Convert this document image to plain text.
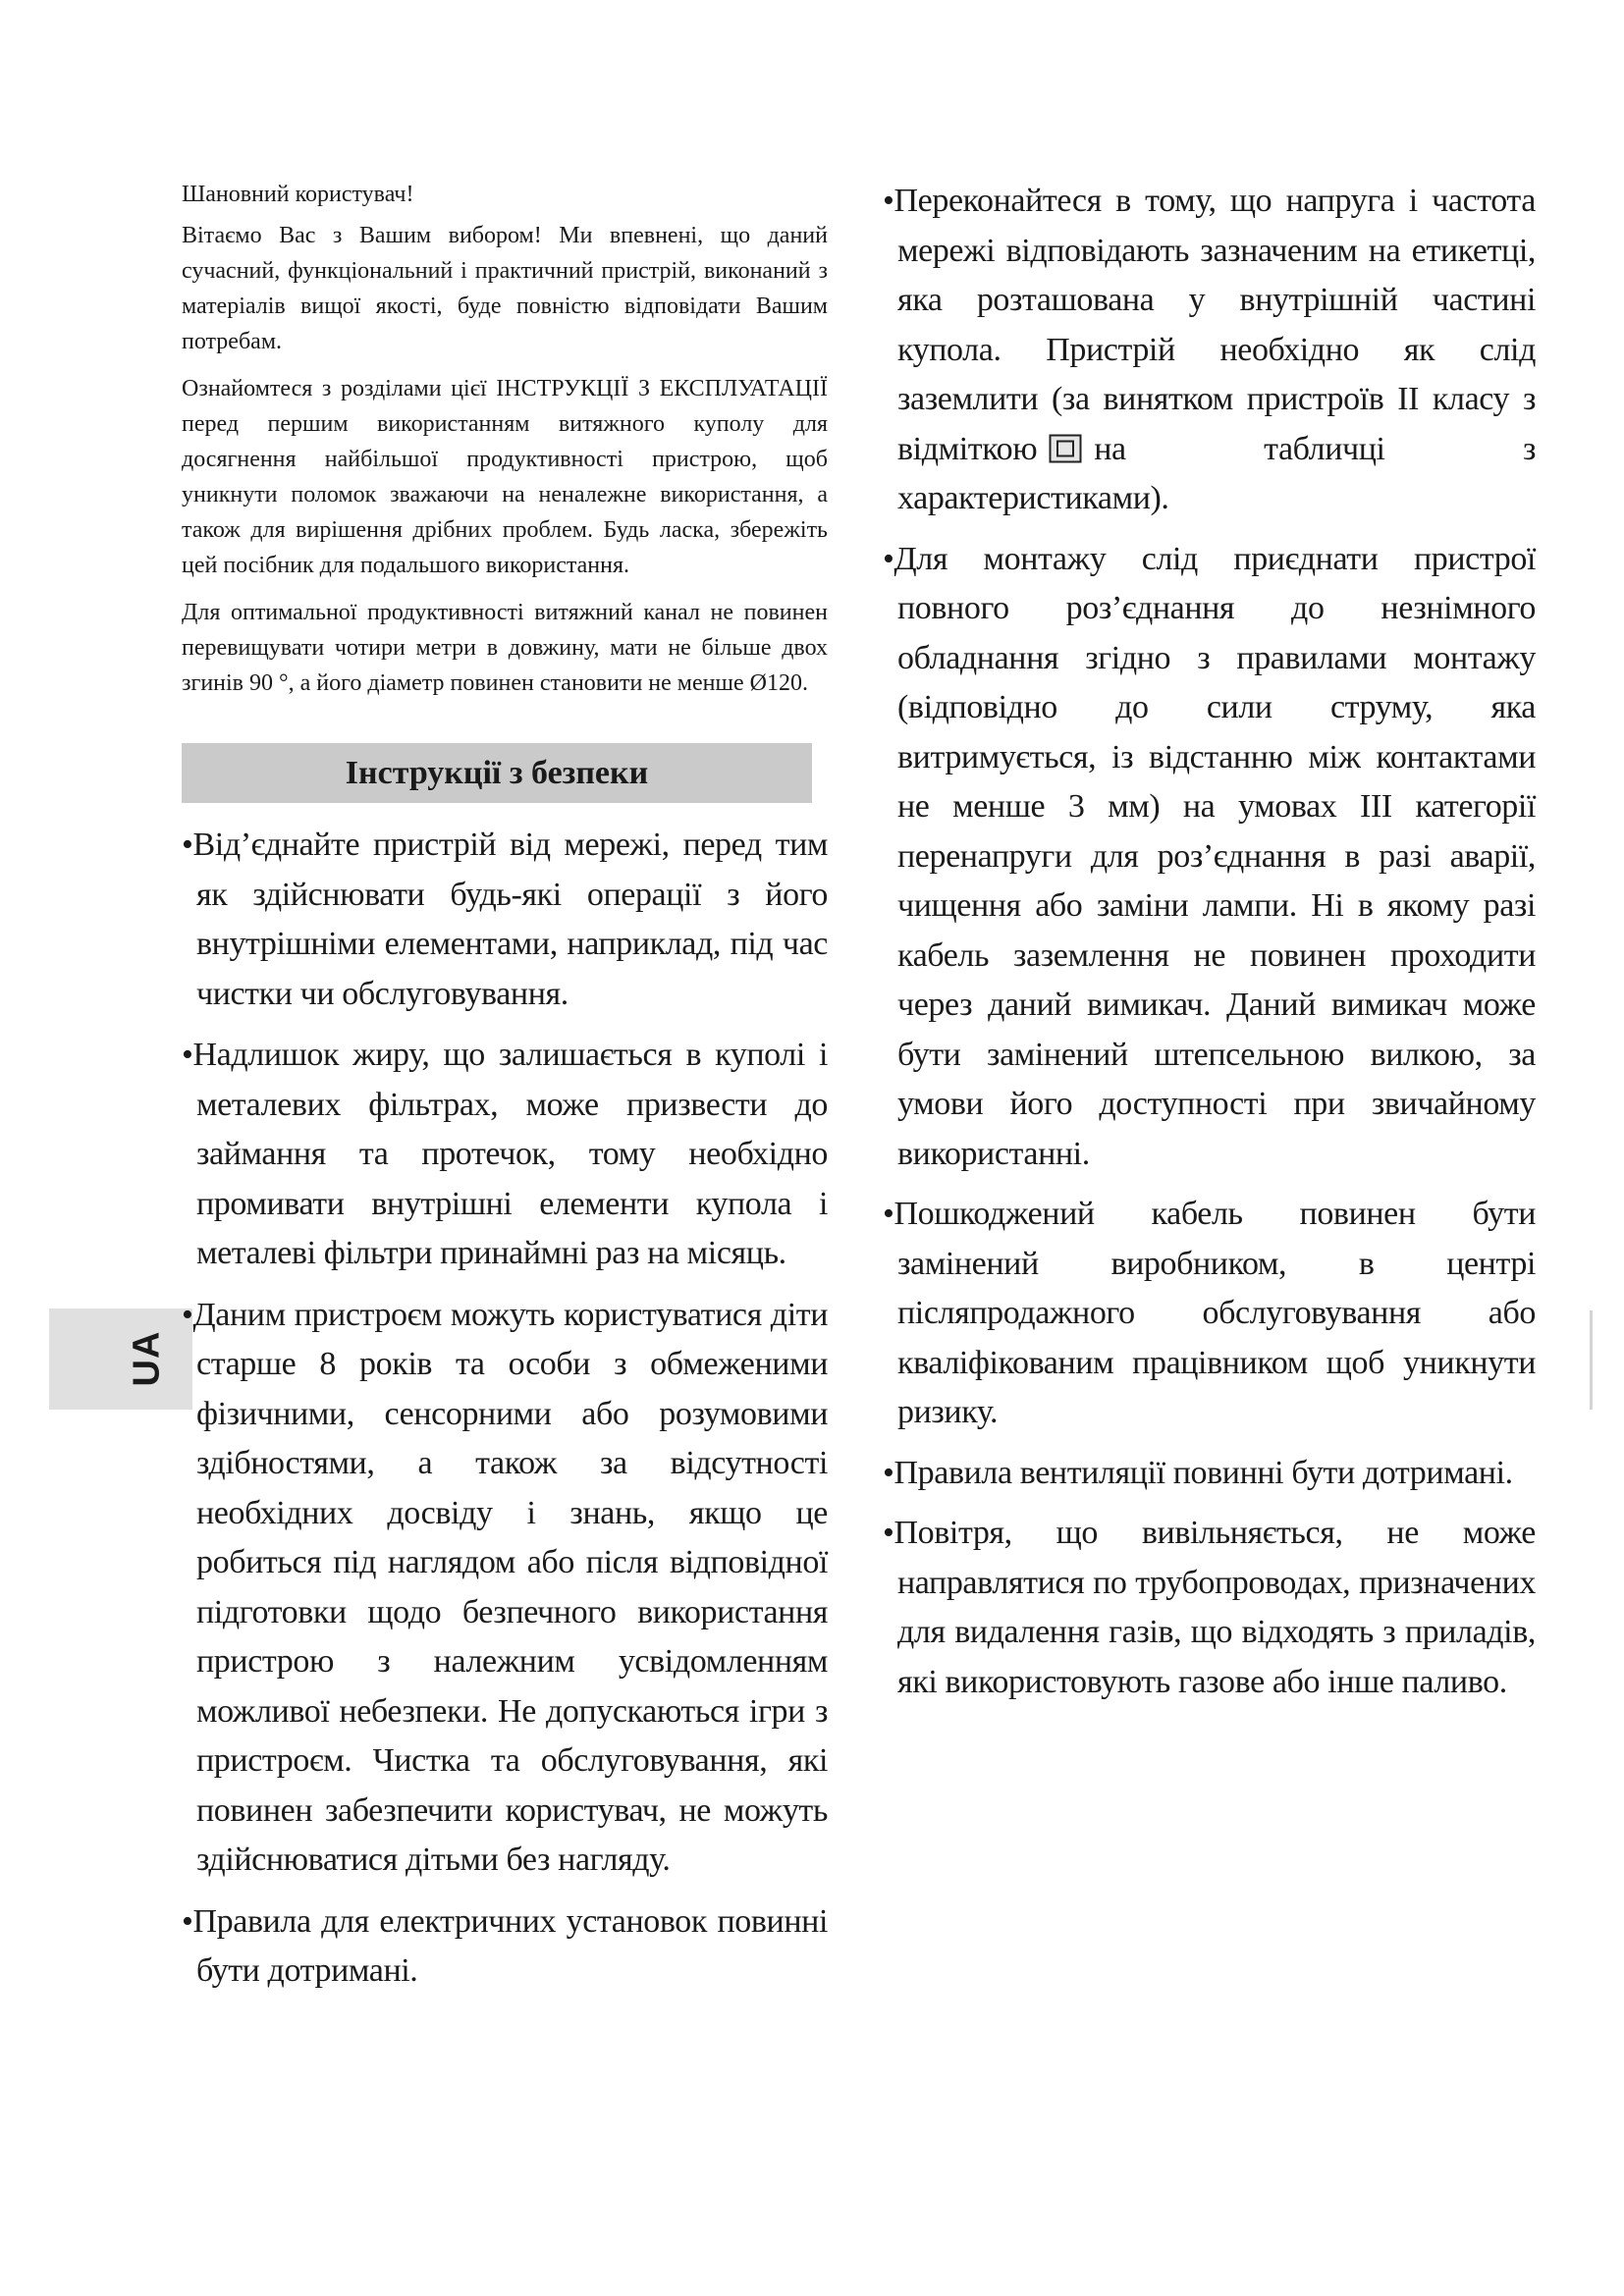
UA

Шановний користувач!

Вітаємо Вас з Вашим вибором! Ми впевнені, що даний сучасний, функціональний і практичний пристрій, виконаний з матеріалів вищої якості, буде повністю відповідати Вашим потребам.

Ознайомтеся з розділами цієї ІНСТРУКЦІЇ З ЕКСПЛУАТАЦІЇ перед першим використанням витяжного куполу для досягнення найбільшої продуктивності пристрою, щоб уникнути поломок зважаючи на неналежне використання, а також для вирішення дрібних проблем. Будь ласка, збережіть цей посібник для подальшого використання.

Для оптимальної продуктивності витяжний канал не повинен перевищувати чотири метри в довжину, мати не більше двох згинів 90 °, а його діаметр повинен становити не менше Ø120.

Інструкції з безпеки

•Від’єднайте пристрій від мережі, перед тим як здійснювати будь-які операції з його внутрішніми елементами, наприклад, під час чистки чи обслуговування.

•Надлишок жиру, що залишається в куполі і металевих фільтрах, може призвести до займання та протечок, тому необхідно промивати внутрішні елементи купола і металеві фільтри принаймні раз на місяць.

•Даним пристроєм можуть користуватися діти старше 8 років та особи з обмеженими фізичними, сенсорними або розумовими здібностями, а також за відсутності необхідних досвіду і знань, якщо це робиться під наглядом або після відповідної підготовки щодо безпечного використання пристрою з належним усвідомленням можливої небезпеки. Не допускаються ігри з пристроєм. Чистка та обслуговування, які повинен забезпечити користувач, не можуть здійснюватися дітьми без нагляду.

•Правила для електричних установок повинні бути дотримані.

•Переконайтеся в тому, що напруга і частота мережі відповідають зазначеним на етикетці, яка розташована у внутрішній частині купола. Пристрій необхідно як слід заземлити (за винятком пристроїв II класу з відміткою на табличці з характеристиками).

•Для монтажу слід приєднати пристрої повного роз’єднання до незнімного обладнання згідно з правилами монтажу (відповідно до сили струму, яка витримується, із відстанню між контактами не менше 3 мм) на умовах III категорії перенапруги для роз’єднання в разі аварії, чищення або заміни лампи. Ні в якому разі кабель заземлення не повинен проходити через даний вимикач. Даний вимикач може бути замінений штепсельною вилкою, за умови його доступності при звичайному використанні.

•Пошкоджений кабель повинен бути замінений виробником, в центрі післяпродажного обслуговування або кваліфікованим працівником щоб уникнути ризику.

•Правила вентиляції повинні бути дотримані.

•Повітря, що вивільняється, не може направлятися по трубопроводах, призначених для видалення газів, що відходять з приладів, які використовують газове або інше паливо.
